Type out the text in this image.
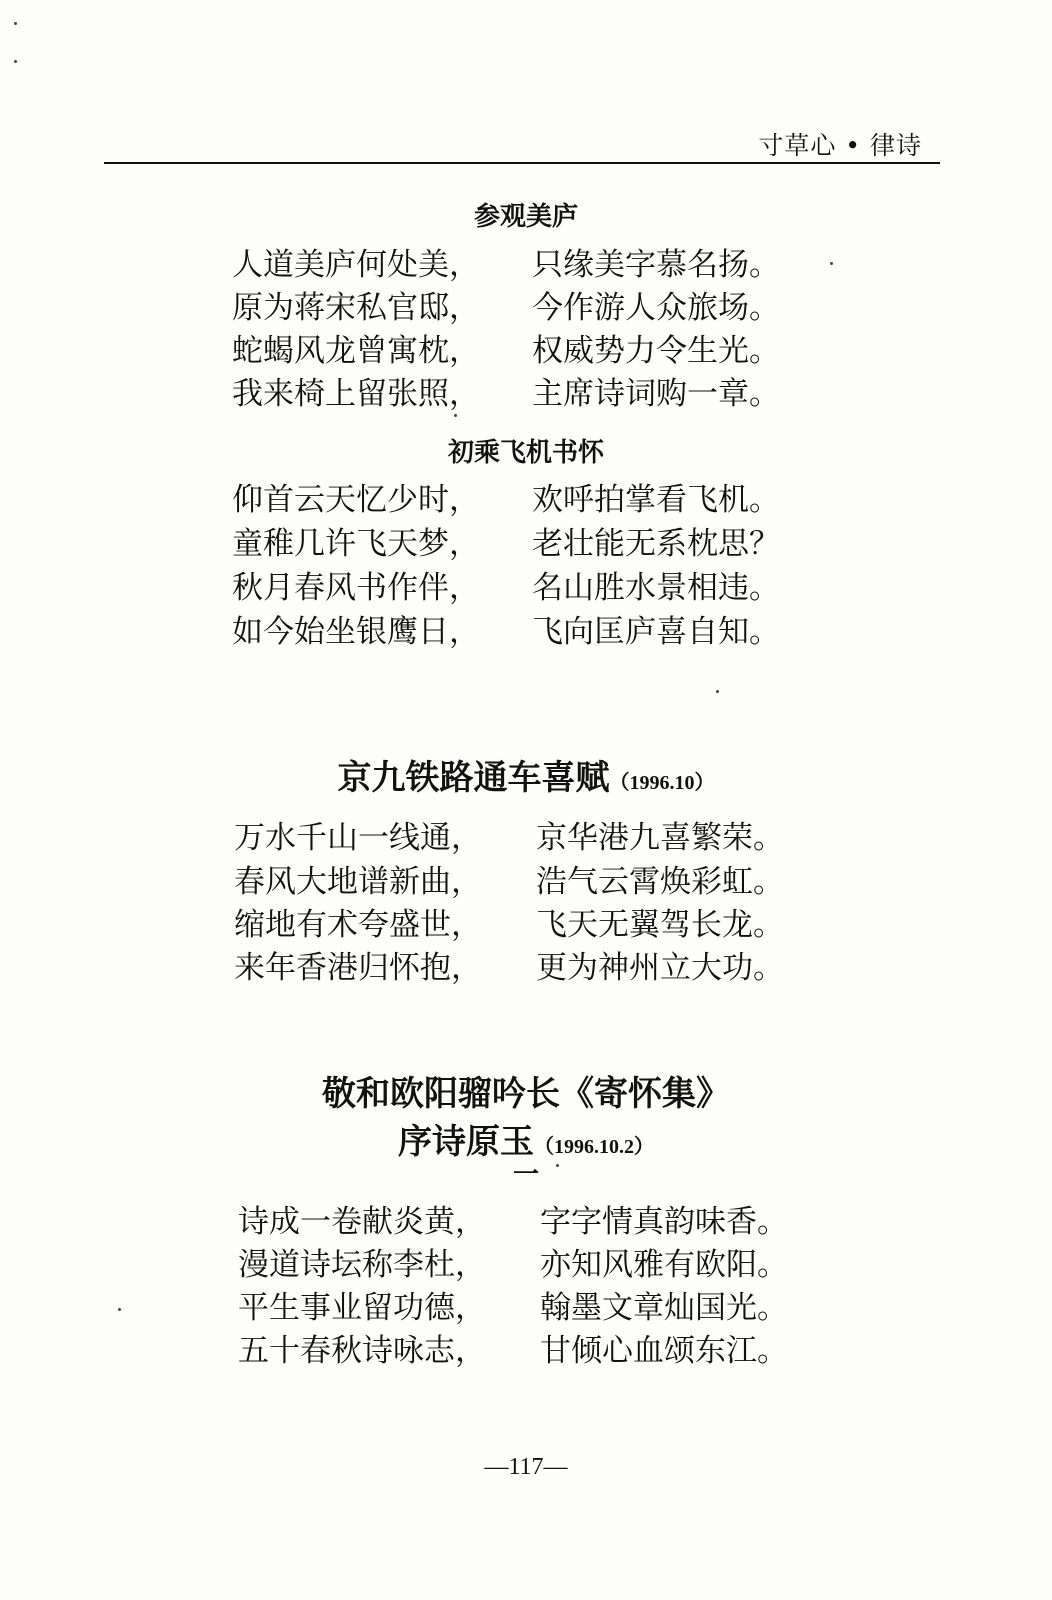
寸草心 • 律诗
参观美庐
人道美庐何处美， 只缘美字慕名扬。
原为蒋宋私官邸， 今作游人众旅场。
蛇蝎风龙曾寓枕， 权威势力令生光。
我来椅上留张照， 主席诗词购一章。
初乘飞机书怀
仰首云天忆少时， 欢呼拍掌看飞机。
童稚几许飞天梦， 老壮能无系枕思？
秋月春风书作伴， 名山胜水景相违。
如今始坐银鹰日， 飞向匡庐喜自知。
京九铁路通车喜赋（1996.10）
万水千山一线通， 京华港九喜繁荣。
春风大地谱新曲， 浩气云霄焕彩虹。
缩地有术夸盛世， 飞天无翼驾长龙。
来年香港归怀抱， 更为神州立大功。
敬和欧阳骝吟长《寄怀集》
序诗原玉（1996.10.2）
一
诗成一卷献炎黄， 字字情真韵味香。
漫道诗坛称李杜， 亦知风雅有欧阳。
平生事业留功德， 翰墨文章灿国光。
五十春秋诗咏志， 甘倾心血颂东江。
—117—
